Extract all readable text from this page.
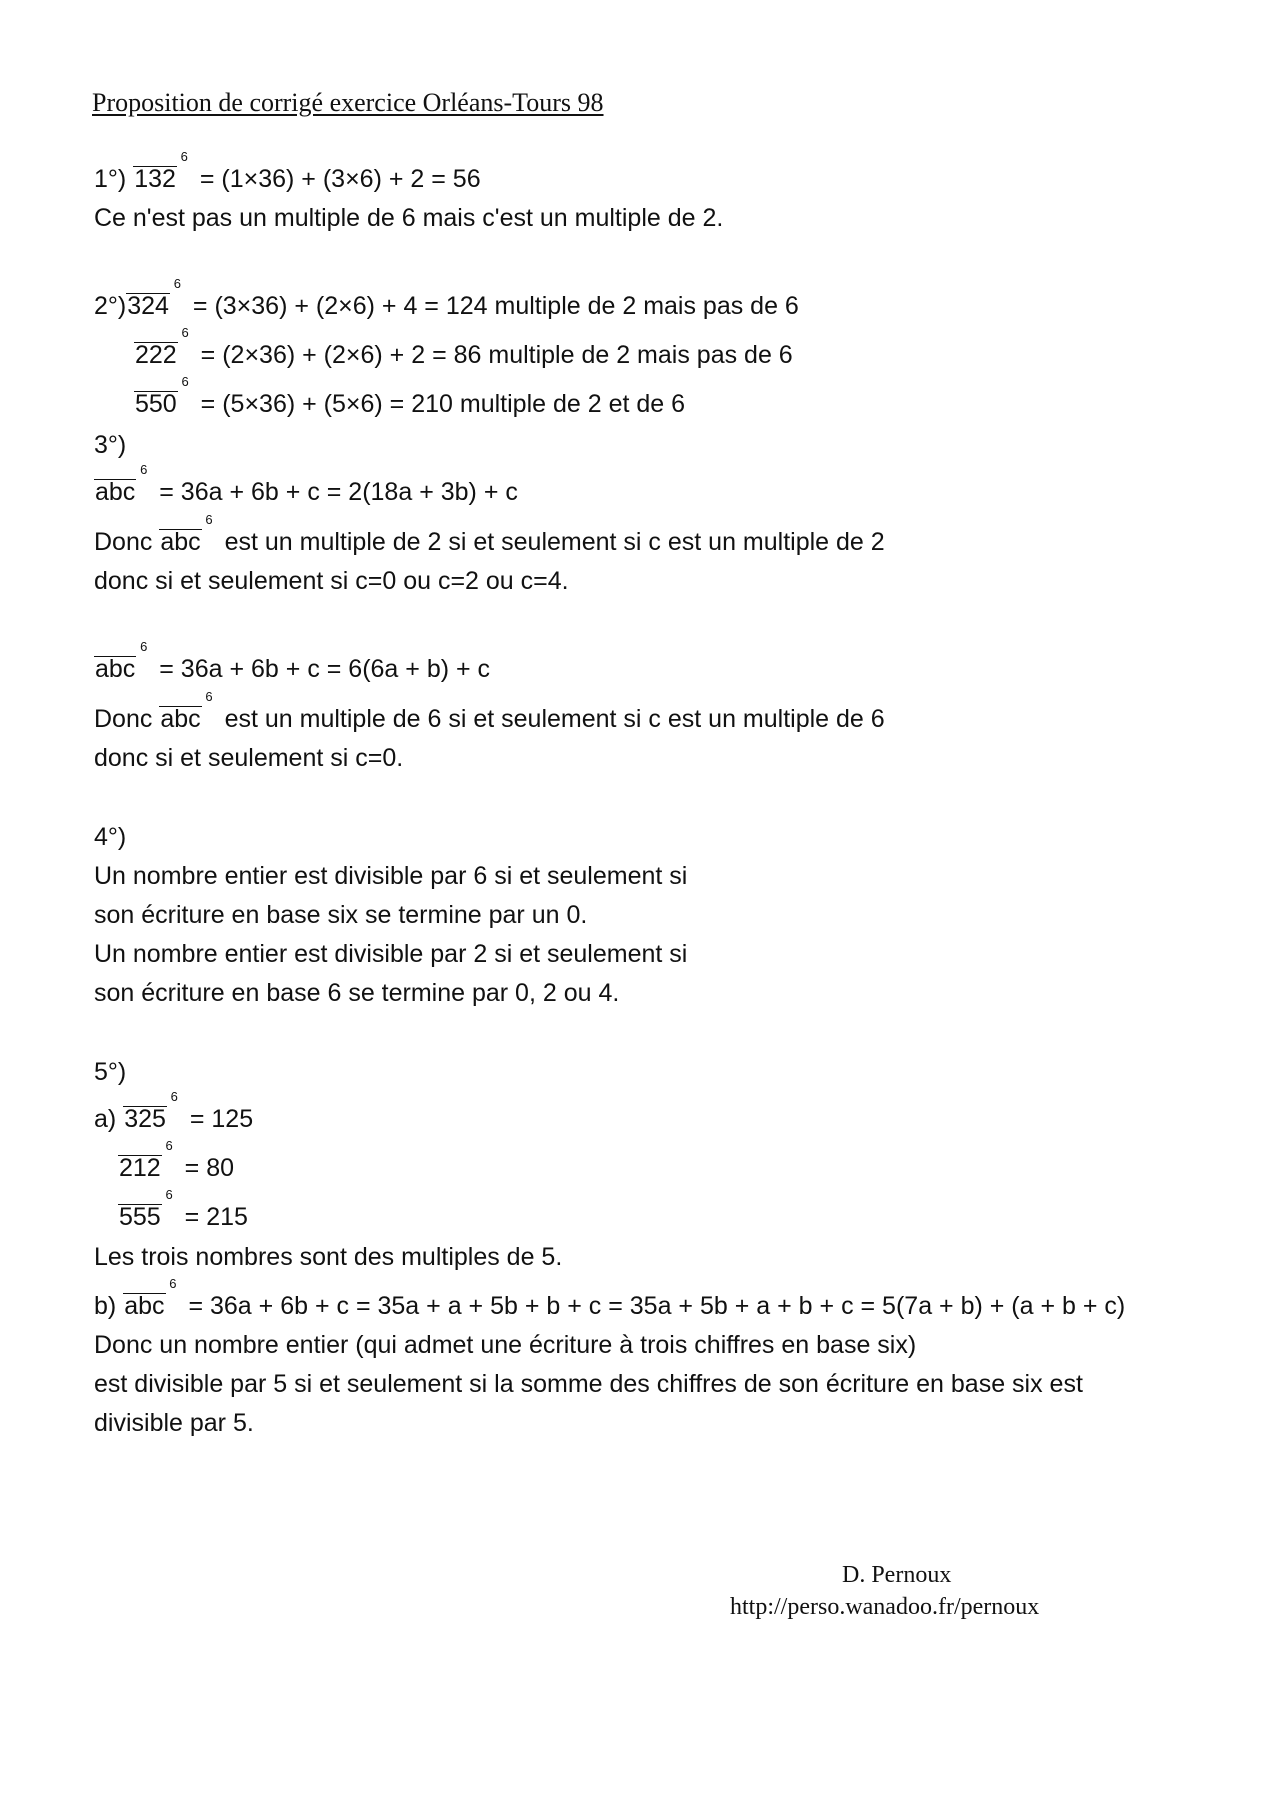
Proposition de corrigé exercice Orléans-Tours 98
1°) 132
6
= (1×36) + (3×6) + 2 = 56
Ce n'est pas un multiple de 6 mais c'est un multiple de 2.
2°)324
6
= (3×36) + (2×6) + 4 = 124 multiple de 2 mais pas de 6
222
6
= (2×36) + (2×6) + 2 = 86 multiple de 2 mais pas de 6
550
6
= (5×36) + (5×6) = 210 multiple de 2 et de 6
3°)
abc
6
= 36a + 6b + c = 2(18a + 3b) + c
Donc abc
6
est un multiple de 2 si et seulement si c est un multiple de 2
donc si et seulement si c=0 ou c=2 ou c=4.
abc
6
= 36a + 6b + c = 6(6a + b) + c
Donc abc
6
est un multiple de 6 si et seulement si c est un multiple de 6
donc si et seulement si c=0.
4°)
Un nombre entier est divisible par 6 si et seulement si
son écriture en base six se termine par un 0.
Un nombre entier est divisible par 2 si et seulement si
son écriture en base 6 se termine par 0, 2 ou 4.
5°)
a) 325
6
= 125
212
6
= 80
555
6
= 215
Les trois nombres sont des multiples de 5.
b) abc
6
= 36a + 6b + c = 35a + a + 5b + b + c = 35a + 5b + a + b + c = 5(7a + b) + (a + b + c)
Donc un nombre entier (qui admet une écriture à trois chiffres en base six)
est divisible par 5 si et seulement si la somme des chiffres de son écriture en base six est
divisible par 5.
D. Pernoux
http://perso.wanadoo.fr/pernoux
